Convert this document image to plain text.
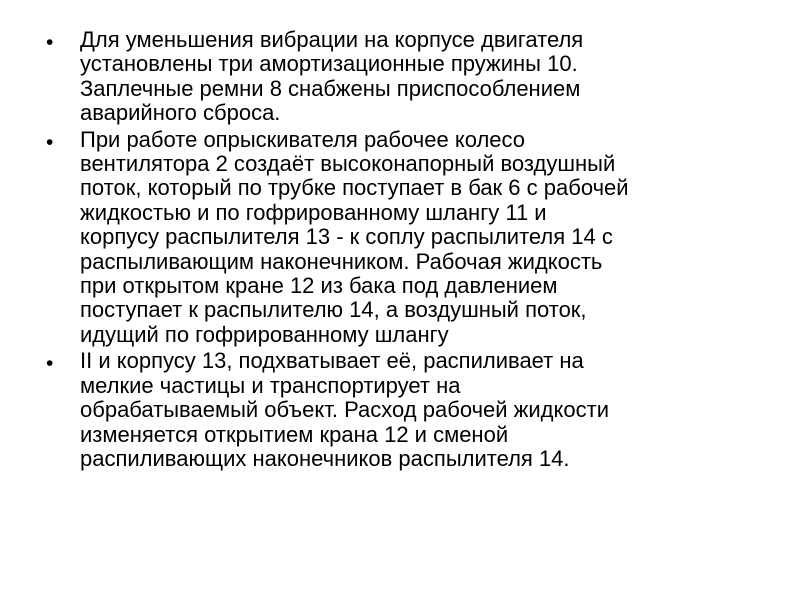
• Для уменьшения вибрации на корпусе двигателя
установлены три амортизационные пружины 10.
Заплечные ремни 8 снабжены приспособлением
аварийного сброса.
• При работе опрыскивателя рабочее колесо
вентилятора 2 создаёт высоконапорный воздушный
поток, который по трубке поступает в бак 6 с рабочей
жидкостью и по гофрированному шлангу 11 и
корпусу распылителя 13 - к соплу распылителя 14 с
распыливающим наконечником. Рабочая жидкость
при открытом кране 12 из бака под давлением
поступает к распылителю 14, а воздушный поток,
идущий по гофрированному шлангу
• II и корпусу 13, подхватывает её, распиливает на
мелкие частицы и транспортирует на
обрабатываемый объект. Расход рабочей жидкости
изменяется открытием крана 12 и сменой
распиливающих наконечников распылителя 14.
